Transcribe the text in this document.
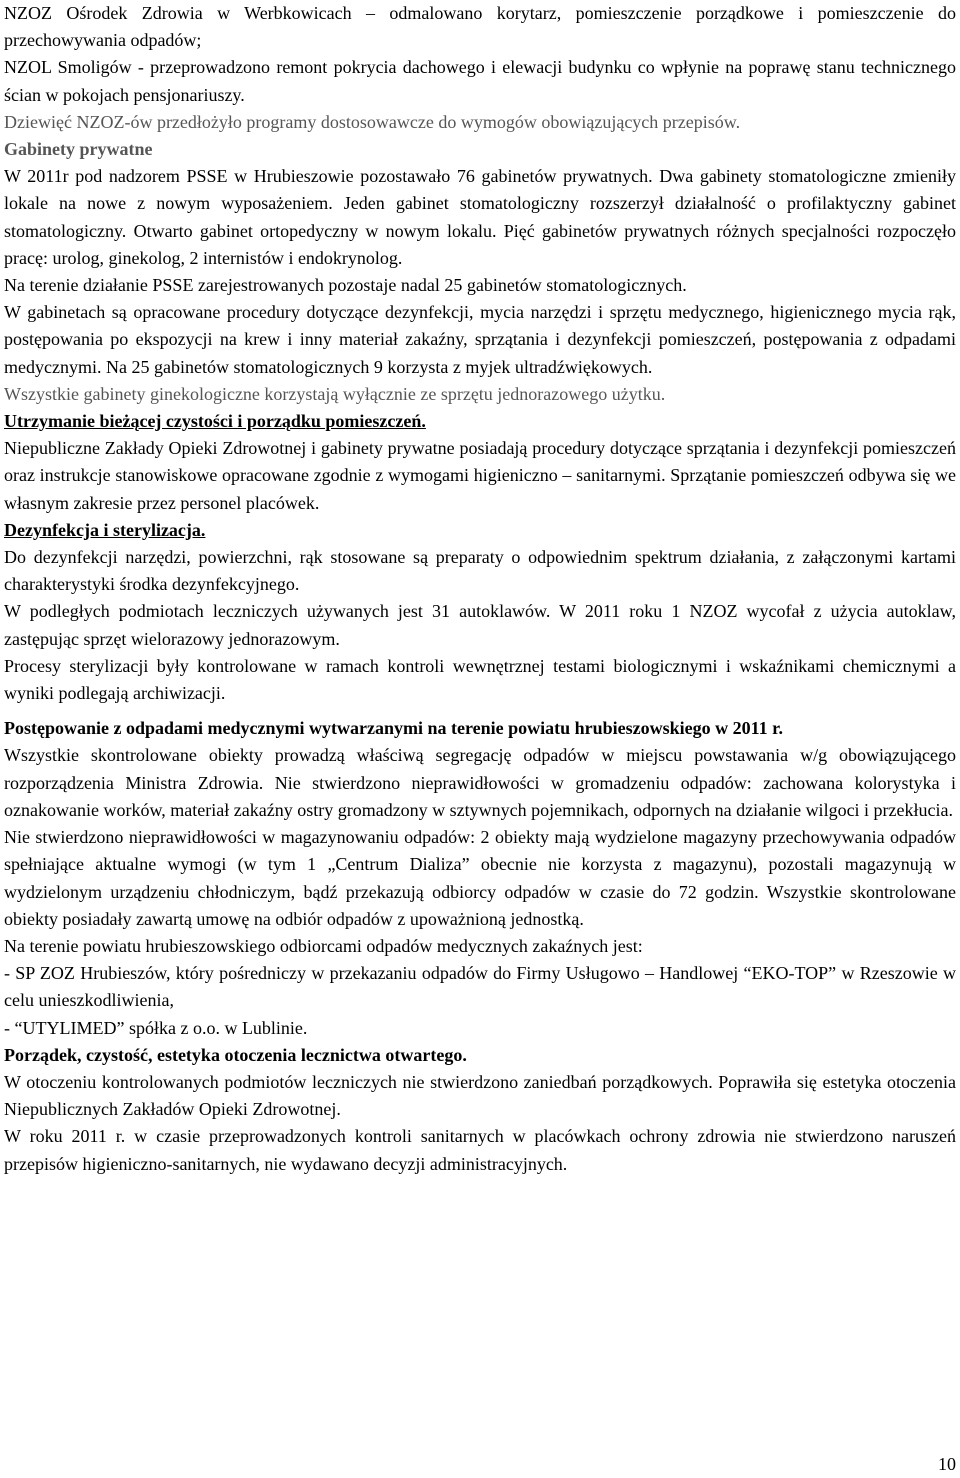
NZOZ Ośrodek Zdrowia w Werbkowicach – odmalowano korytarz, pomieszczenie porządkowe i pomieszczenie do przechowywania odpadów;

NZOL Smoligów - przeprowadzono remont pokrycia dachowego i elewacji budynku co wpłynie na poprawę stanu technicznego ścian w pokojach pensjonariuszy.

Dziewięć NZOZ-ów przedłożyło programy dostosowawcze do wymogów obowiązujących przepisów.

Gabinety prywatne

W 2011r pod nadzorem PSSE w Hrubieszowie pozostawało 76 gabinetów prywatnych. Dwa gabinety stomatologiczne zmieniły lokale na nowe z nowym wyposażeniem. Jeden gabinet stomatologiczny rozszerzył działalność o profilaktyczny gabinet stomatologiczny. Otwarto gabinet ortopedyczny w nowym lokalu. Pięć gabinetów prywatnych różnych specjalności rozpoczęło pracę: urolog, ginekolog, 2 internistów i endokrynolog.

Na terenie działanie PSSE zarejestrowanych pozostaje nadal 25 gabinetów stomatologicznych.

W gabinetach są opracowane procedury dotyczące dezynfekcji, mycia narzędzi i sprzętu medycznego, higienicznego mycia rąk, postępowania po ekspozycji na krew i inny materiał zakaźny, sprzątania i dezynfekcji pomieszczeń, postępowania z odpadami medycznymi. Na 25 gabinetów stomatologicznych 9 korzysta z myjek ultradźwiękowych.

Wszystkie gabinety ginekologiczne korzystają wyłącznie ze sprzętu jednorazowego użytku.

Utrzymanie bieżącej czystości i porządku pomieszczeń.

Niepubliczne Zakłady Opieki Zdrowotnej i gabinety prywatne posiadają procedury dotyczące sprzątania i dezynfekcji pomieszczeń oraz instrukcje stanowiskowe opracowane zgodnie z wymogami higieniczno – sanitarnymi. Sprzątanie pomieszczeń odbywa się we własnym zakresie przez personel placówek.

Dezynfekcja i sterylizacja.

Do dezynfekcji narzędzi, powierzchni, rąk stosowane są preparaty o odpowiednim spektrum działania, z załączonymi kartami charakterystyki środka dezynfekcyjnego.

W podległych podmiotach leczniczych używanych jest 31 autoklawów. W 2011 roku 1 NZOZ wycofał z użycia autoklaw, zastępując sprzęt wielorazowy jednorazowym.

Procesy sterylizacji były kontrolowane w ramach kontroli wewnętrznej testami biologicznymi i wskaźnikami chemicznymi a wyniki podlegają archiwizacji.

Postępowanie z odpadami medycznymi wytwarzanymi na terenie powiatu hrubieszowskiego w 2011 r.

Wszystkie skontrolowane obiekty prowadzą właściwą segregację odpadów w miejscu powstawania w/g obowiązującego rozporządzenia Ministra Zdrowia. Nie stwierdzono nieprawidłowości w gromadzeniu odpadów: zachowana kolorystyka i oznakowanie worków, materiał zakaźny ostry gromadzony w sztywnych pojemnikach, odpornych na działanie wilgoci i przekłucia.

Nie stwierdzono nieprawidłowości w magazynowaniu odpadów: 2 obiekty mają wydzielone magazyny przechowywania odpadów spełniające aktualne wymogi (w tym 1 „Centrum Dializa” obecnie nie korzysta z magazynu), pozostali magazynują w wydzielonym urządzeniu chłodniczym, bądź przekazują odbiorcy odpadów w czasie do 72 godzin. Wszystkie skontrolowane obiekty posiadały zawartą umowę na odbiór odpadów z upoważnioną jednostką.

Na terenie powiatu hrubieszowskiego odbiorcami odpadów medycznych zakaźnych jest:

- SP ZOZ Hrubieszów, który pośredniczy w przekazaniu odpadów do Firmy Usługowo – Handlowej “EKO-TOP” w Rzeszowie w celu unieszkodliwienia,

- “UTYLIMED” spółka z o.o. w Lublinie.

Porządek, czystość, estetyka otoczenia lecznictwa otwartego.

W otoczeniu kontrolowanych podmiotów leczniczych nie stwierdzono zaniedbań porządkowych. Poprawiła się estetyka otoczenia Niepublicznych Zakładów Opieki Zdrowotnej.

W roku 2011 r. w czasie przeprowadzonych kontroli sanitarnych w placówkach ochrony zdrowia nie stwierdzono naruszeń przepisów higieniczno-sanitarnych, nie wydawano decyzji administracyjnych.

10
